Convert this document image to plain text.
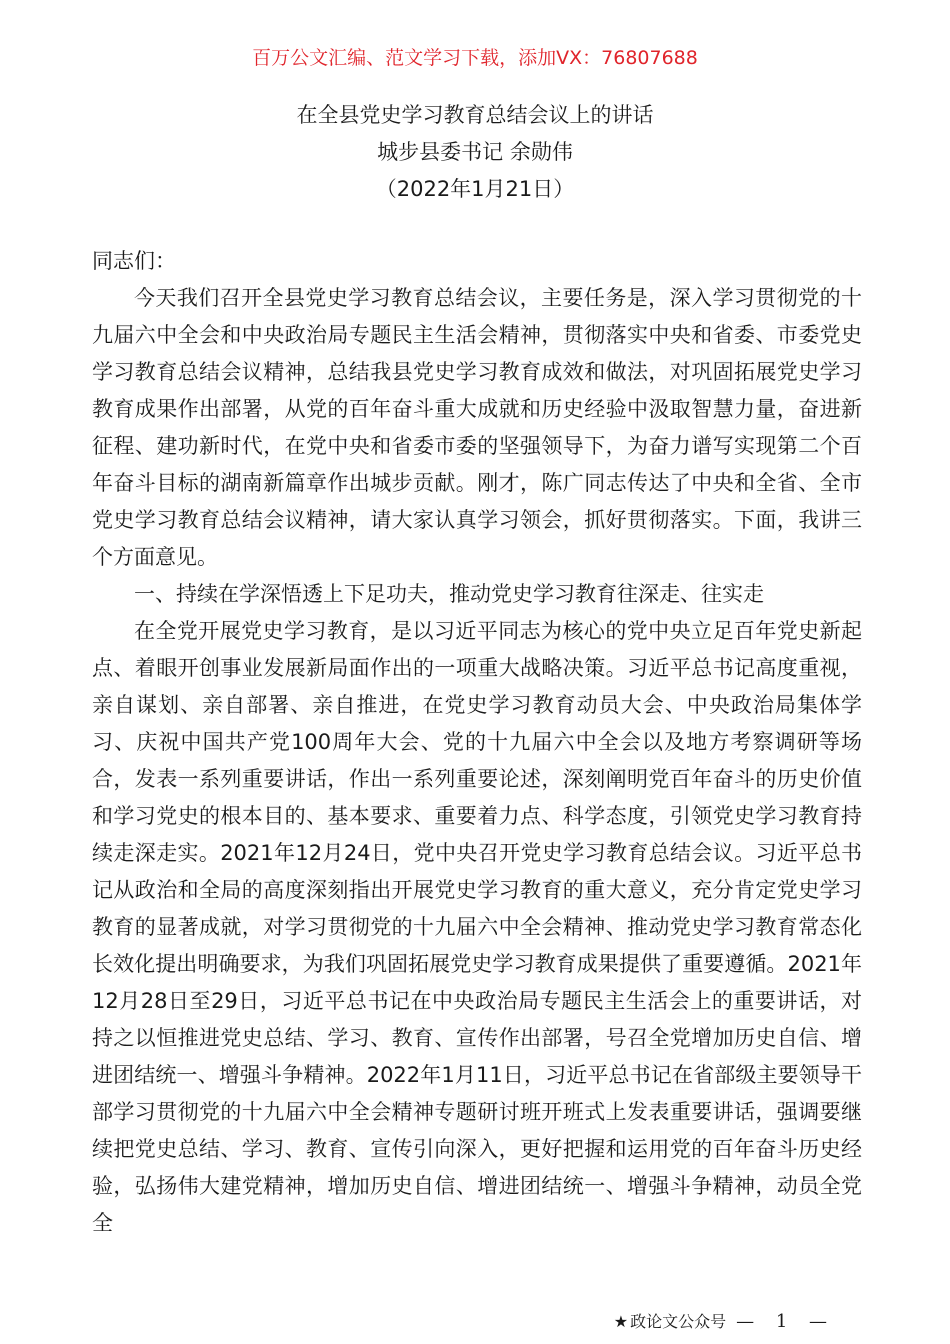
百万公文汇编、范文学习下载，添加VX：76807688
在全县党史学习教育总结会议上的讲话
城步县委书记 余勋伟
（2022年1月21日）

同志们：

今天我们召开全县党史学习教育总结会议，主要任务是，深入学习贯彻党的十九届六中全会和中央政治局专题民主生活会精神，贯彻落实中央和省委、市委党史学习教育总结会议精神，总结我县党史学习教育成效和做法，对巩固拓展党史学习教育成果作出部署，从党的百年奋斗重大成就和历史经验中汲取智慧力量，奋进新征程、建功新时代，在党中央和省委市委的坚强领导下，为奋力谱写实现第二个百年奋斗目标的湖南新篇章作出城步贡献。刚才，陈广同志传达了中央和全省、全市党史学习教育总结会议精神，请大家认真学习领会，抓好贯彻落实。下面，我讲三个方面意见。

一、持续在学深悟透上下足功夫，推动党史学习教育往深走、往实走

在全党开展党史学习教育，是以习近平同志为核心的党中央立足百年党史新起点、着眼开创事业发展新局面作出的一项重大战略决策。习近平总书记高度重视，亲自谋划、亲自部署、亲自推进，在党史学习教育动员大会、中央政治局集体学习、庆祝中国共产党100周年大会、党的十九届六中全会以及地方考察调研等场合，发表一系列重要讲话，作出一系列重要论述，深刻阐明党百年奋斗的历史价值和学习党史的根本目的、基本要求、重要着力点、科学态度，引领党史学习教育持续走深走实。2021年12月24日，党中央召开党史学习教育总结会议。习近平总书记从政治和全局的高度深刻指出开展党史学习教育的重大意义，充分肯定党史学习教育的显著成就，对学习贯彻党的十九届六中全会精神、推动党史学习教育常态化长效化提出明确要求，为我们巩固拓展党史学习教育成果提供了重要遵循。2021年12月28日至29日，习近平总书记在中央政治局专题民主生活会上的重要讲话，对持之以恒推进党史总结、学习、教育、宣传作出部署，号召全党增加历史自信、增进团结统一、增强斗争精神。2022年1月11日，习近平总书记在省部级主要领导干部学习贯彻党的十九届六中全会精神专题研讨班开班式上发表重要讲话，强调要继续把党史总结、学习、教育、宣传引向深入，更好把握和运用党的百年奋斗历史经验，弘扬伟大建党精神，增加历史自信、增进团结统一、增强斗争精神，动员全党全

★ 政论文公众号 — 1 —
